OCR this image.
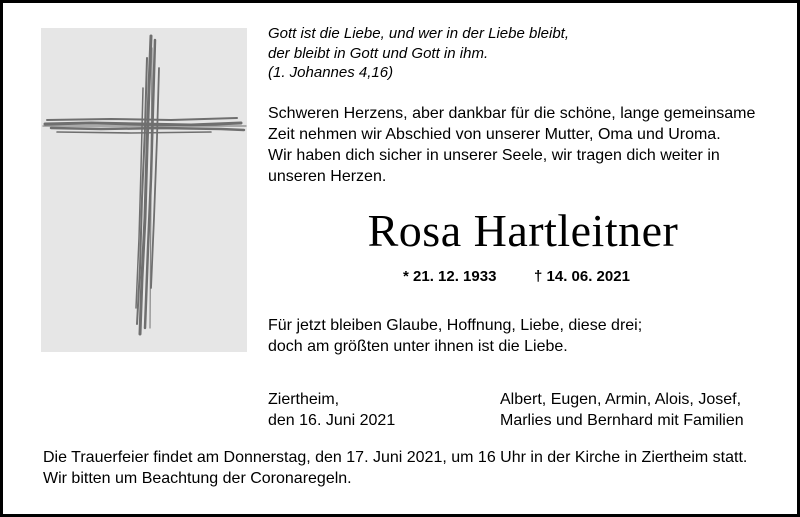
Gott ist die Liebe, und wer in der Liebe bleibt,
der bleibt in Gott und Gott in ihm.
(1. Johannes 4,16)
Schweren Herzens, aber dankbar für die schöne, lange gemeinsame
Zeit nehmen wir Abschied von unserer Mutter, Oma und Uroma.
Wir haben dich sicher in unserer Seele, wir tragen dich weiter in
unseren Herzen.
Rosa Hartleitner
* 21. 12. 1933	† 14. 06. 2021
Für jetzt bleiben Glaube, Hoffnung, Liebe, diese drei;
doch am größten unter ihnen ist die Liebe.
Ziertheim,
den 16. Juni 2021
Albert, Eugen, Armin, Alois, Josef,
Marlies und Bernhard mit Familien
Die Trauerfeier findet am Donnerstag, den 17. Juni 2021, um 16 Uhr in der Kirche in Ziertheim statt.
Wir bitten um Beachtung der Coronaregeln.
